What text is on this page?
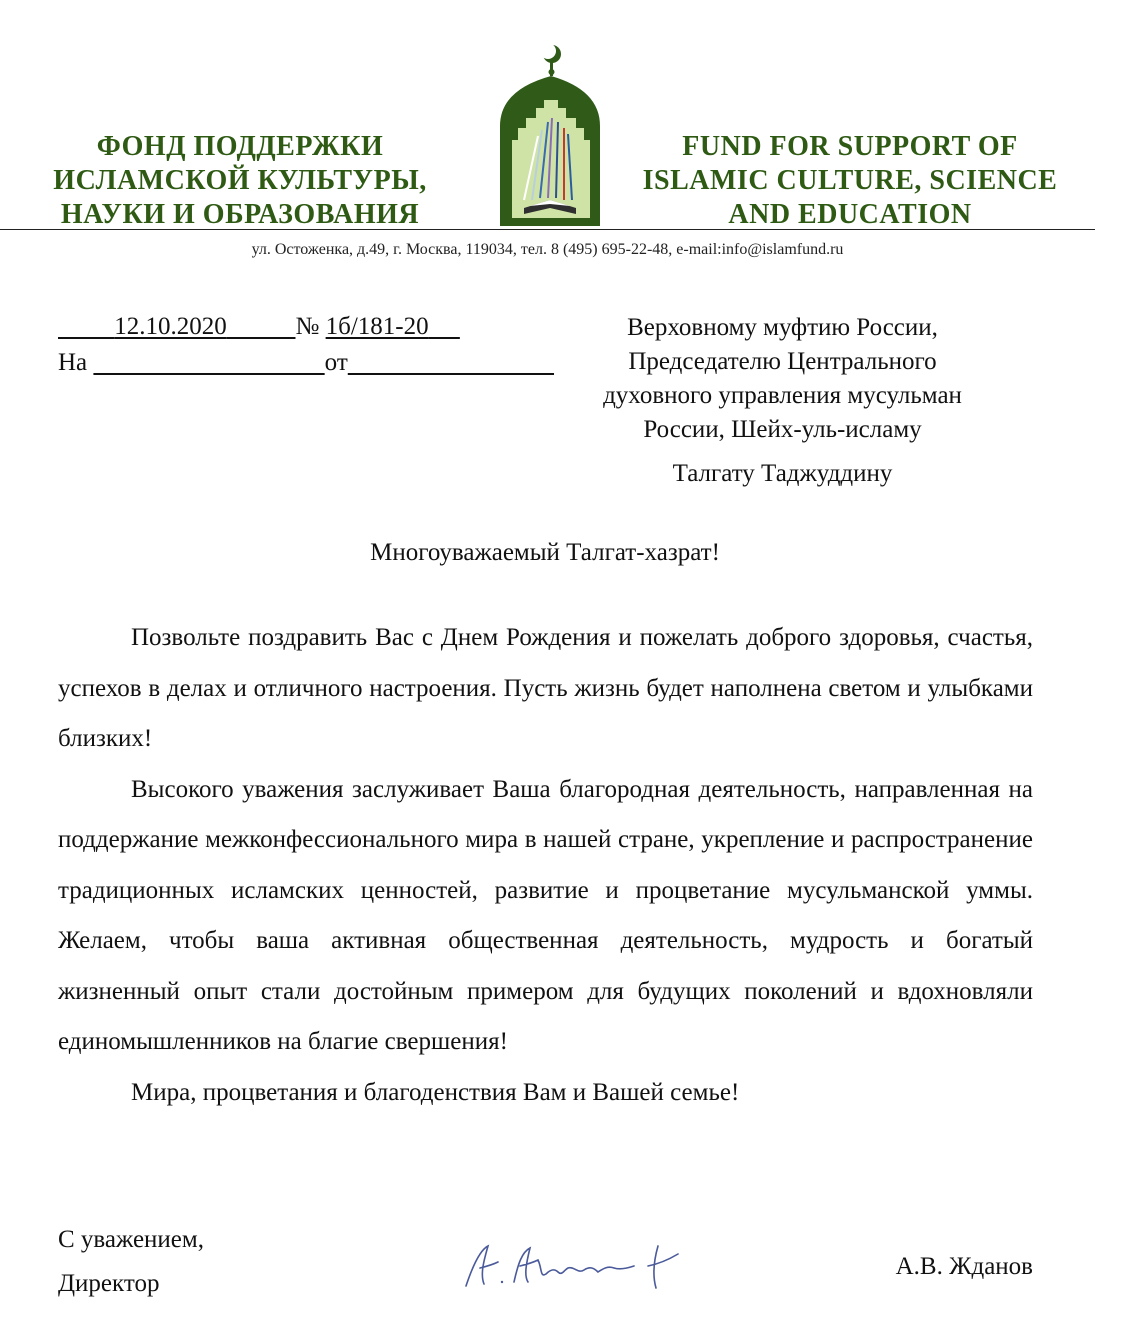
ФОНД ПОДДЕРЖКИ
ИСЛАМСКОЙ КУЛЬТУРЫ,
НАУКИ И ОБРАЗОВАНИЯ
FUND FOR SUPPORT OF
ISLAMIC CULTURE, SCIENCE
AND EDUCATION
ул. Остоженка, д.49, г. Москва, 119034, тел. 8 (495) 695-22-48, e-mail:info@islamfund.ru
12.10.2020	№ 1б/181-20
На	от
Верховному муфтию России,
Председателю Центрального
духовного управления мусульман
России, Шейх-уль-исламу
Талгату Таджуддину
Многоуважаемый Талгат-хазрат!

Позвольте поздравить Вас с Днем Рождения и пожелать доброго здоровья, счастья, успехов в делах и отличного настроения. Пусть жизнь будет наполнена светом и улыбками близких!

Высокого уважения заслуживает Ваша благородная деятельность, направленная на поддержание межконфессионального мира в нашей стране, укрепление и распространение традиционных исламских ценностей, развитие и процветание мусульманской уммы. Желаем, чтобы ваша активная общественная деятельность, мудрость и богатый жизненный опыт стали достойным примером для будущих поколений и вдохновляли единомышленников на благие свершения!

Мира, процветания и благоденствия Вам и Вашей семье!

С уважением,
Директор
А.В. Жданов
